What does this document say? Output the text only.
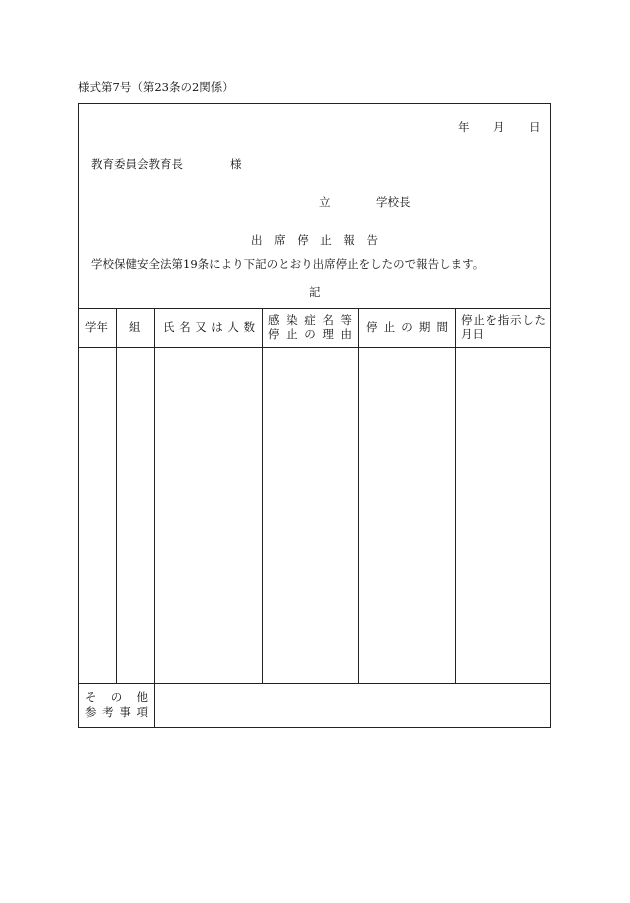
様式第7号（第23条の2関係）
年 月 日
教育委員会教育長	様
立	学校長
出 席 停 止 報 告
学校保健安全法第19条により下記のとおり出席停止をしたので報告します。
記
学年 組 氏 名 又 は 人 数 感 染 症 名 等
停 止 の 理 由 停 止 の 期 間 停 止 を 指 示 し た
月日
そ の 他
参 考 事 項
